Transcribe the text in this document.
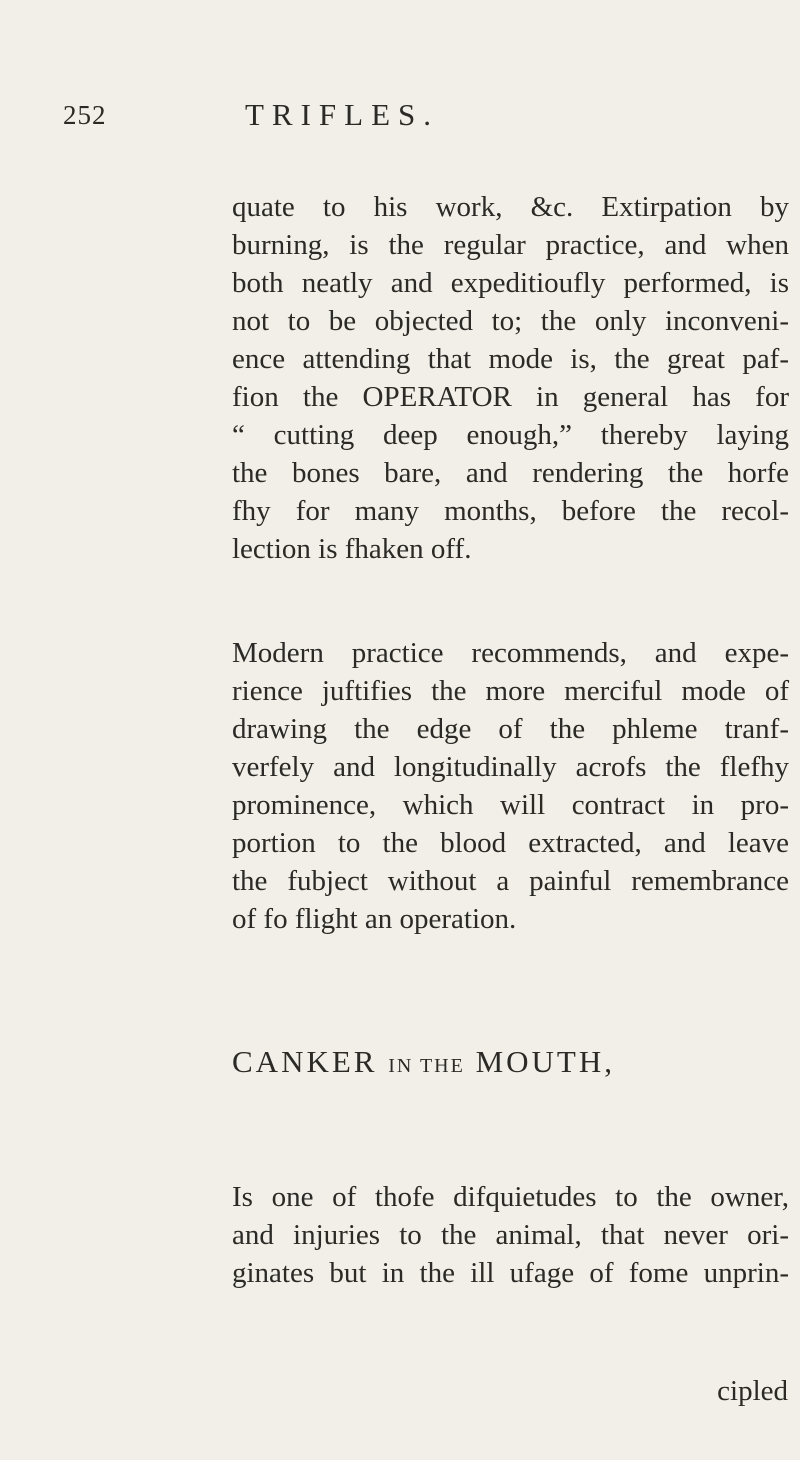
252	TRIFLES.
quate to his work, &c. Extirpation by
burning, is the regular practice, and when
both neatly and expeditioufly performed, is
not to be objected to; the only inconveni-
ence attending that mode is, the great paf-
fion the OPERATOR in general has for
“ cutting deep enough,” thereby laying
the bones bare, and rendering the horfe
fhy for many months, before the recol-
lection is fhaken off.
Modern practice recommends, and expe-
rience juftifies the more merciful mode of
drawing the edge of the phleme tranf-
verfely and longitudinally acrofs the flefhy
prominence, which will contract in pro-
portion to the blood extracted, and leave
the fubject without a painful remembrance
of fo flight an operation.
CANKER IN THE MOUTH,
Is one of thofe difquietudes to the owner,
and injuries to the animal, that never ori-
ginates but in the ill ufage of fome unprin-
cipled
